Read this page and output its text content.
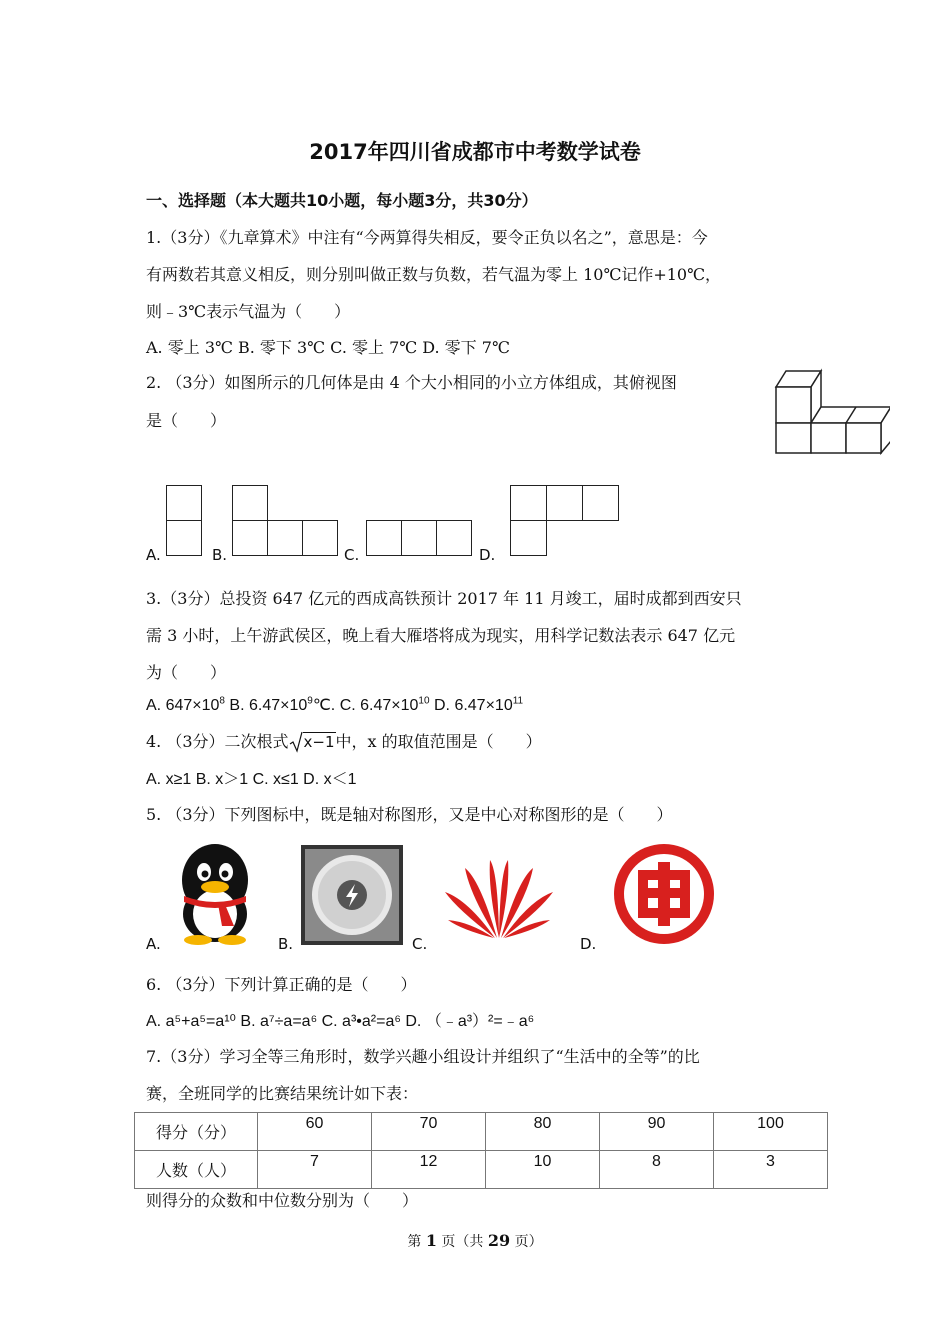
2017年四川省成都市中考数学试卷
一、选择题（本大题共10小题，每小题3分，共30分）
1.（3分）《九章算术》中注有“今两算得失相反，要令正负以名之”，意思是：今
有两数若其意义相反，则分别叫做正数与负数，若气温为零上 10℃记作+10℃，
则﹣3℃表示气温为（　　）
A. 零上 3℃ B. 零下 3℃ C. 零上 7℃ D. 零下 7℃
2. （3分）如图所示的几何体是由 4 个大小相同的小立方体组成，其俯视图
是（　　）
A.	B.	C.	D.
3.（3分）总投资 647 亿元的西成高铁预计 2017 年 11 月竣工，届时成都到西安只
需 3 小时，上午游武侯区，晚上看大雁塔将成为现实，用科学记数法表示 647 亿元
为（　　）
A. $647\times 10^8$ B. $6.47\times 10^9℃$. C. $6.47\times 10^{10}$ D. $6.47\times 10^{11}$
4. （3分）二次根式 x−1中，x 的取值范围是（　　）
A. x≥1 B. x＞1 C. x≤1 D. x＜1
5. （3分）下列图标中，既是轴对称图形，又是中心对称图形的是（　　）
A.	B.	C.	D.
6. （3分）下列计算正确的是（　　）
A. a⁵+a⁵=a¹⁰ B. a⁷÷a=a⁶ C. a³•a²=a⁶ D. （﹣a³）²=﹣a⁶
7.（3分）学习全等三角形时，数学兴趣小组设计并组织了“生活中的全等”的比
赛，全班同学的比赛结果统计如下表：
得分（分）	60	70	80	90	100
人数（人）	7	12	10	8	3
则得分的众数和中位数分别为（　　）
第 1 页（共 29 页）
